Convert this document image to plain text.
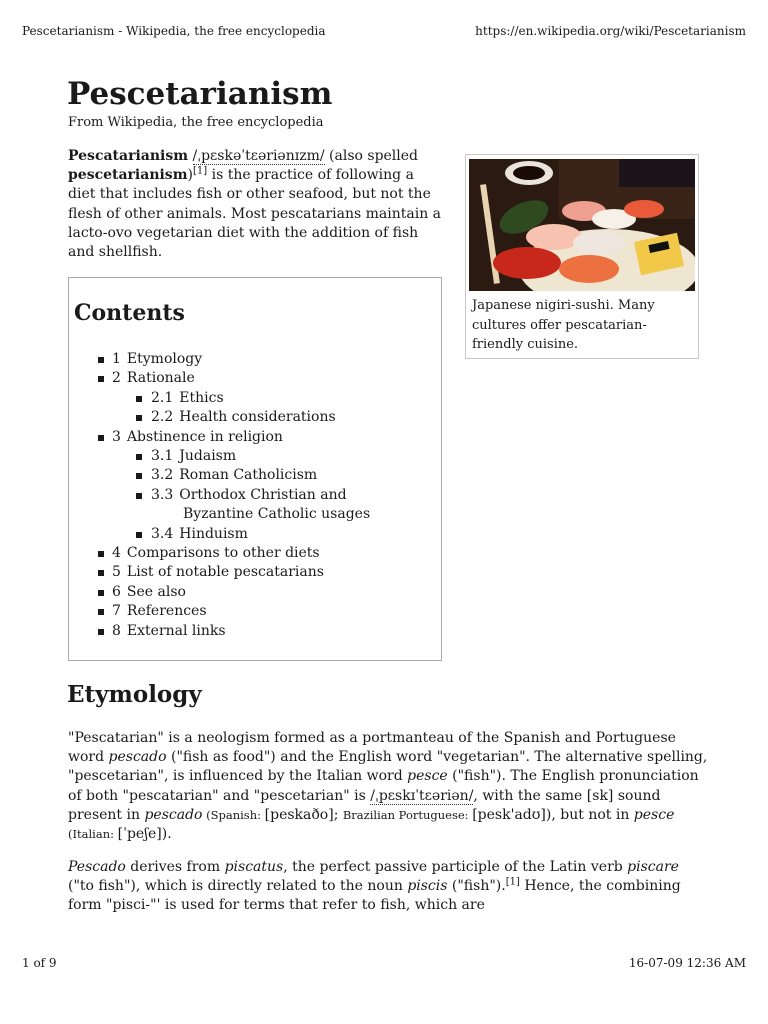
Pescetarianism - Wikipedia, the free encyclopedia	https://en.wikipedia.org/wiki/Pescetarianism
Pescetarianism
From Wikipedia, the free encyclopedia

Pescatarianism /ˌpɛskəˈtɛəriənɪzm/ (also spelled pescetarianism)[1] is the practice of following a diet that includes fish or other seafood, but not the flesh of other animals. Most pescatarians maintain a lacto-ovo vegetarian diet with the addition of fish and shellfish.

Japanese nigiri-sushi. Many cultures offer pescatarian-friendly cuisine.
Contents
1 Etymology
2 Rationale
2.1 Ethics
2.2 Health considerations
3 Abstinence in religion
3.1 Judaism
3.2 Roman Catholicism
3.3 Orthodox Christian and
Byzantine Catholic usages
3.4 Hinduism
4 Comparisons to other diets
5 List of notable pescatarians
6 See also
7 References
8 External links
Etymology

"Pescatarian" is a neologism formed as a portmanteau of the Spanish and Portuguese word pescado ("fish as food") and the English word "vegetarian". The alternative spelling, "pescetarian", is influenced by the Italian word pesce ("fish"). The English pronunciation of both "pescatarian" and "pescetarian" is /ˌpɛskɪˈtɛəriən/, with the same [sk] sound present in pescado (Spanish: [peskaðo]; Brazilian Portuguese: [pesk'adʊ]), but not in pesce (Italian: [ˈpeʃe]).

Pescado derives from piscatus, the perfect passive participle of the Latin verb piscare ("to fish"), which is directly related to the noun piscis ("fish").[1] Hence, the combining form "pisci-"' is used for terms that refer to fish, which are

1 of 9	16-07-09 12:36 AM
